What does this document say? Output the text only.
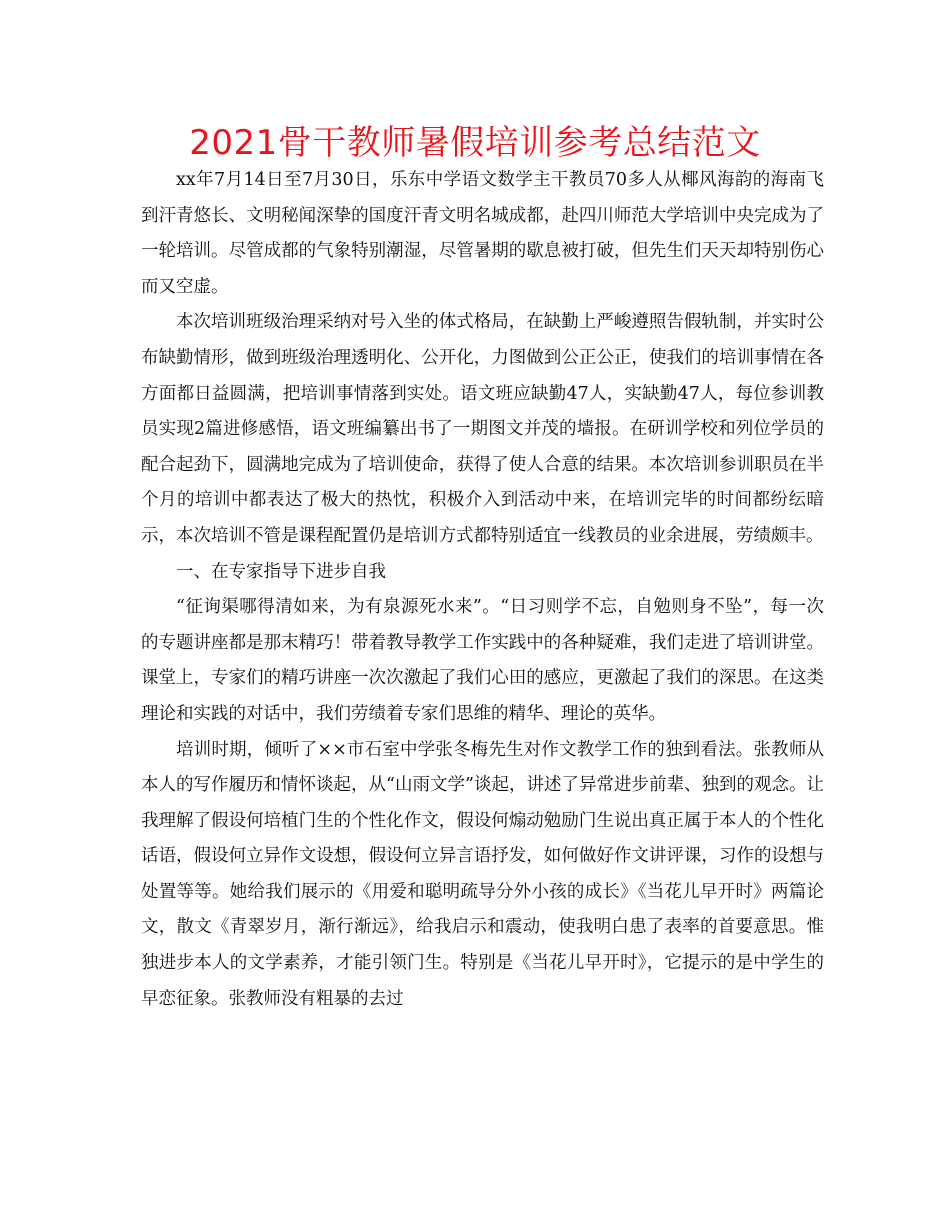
2021骨干教师暑假培训参考总结范文

xx年7月14日至7月30日，乐东中学语文数学主干教员70多人从椰风海韵的海南飞到汗青悠长、文明秘闻深挚的国度汗青文明名城成都，赴四川师范大学培训中央完成为了一轮培训。尽管成都的气象特别潮湿，尽管暑期的歇息被打破，但先生们天天却特别伤心而又空虚。

本次培训班级治理采纳对号入坐的体式格局，在缺勤上严峻遵照告假轨制，并实时公布缺勤情形，做到班级治理透明化、公开化，力图做到公正公正，使我们的培训事情在各方面都日益圆满，把培训事情落到实处。语文班应缺勤47人，实缺勤47人，每位参训教员实现2篇进修感悟，语文班编纂出书了一期图文并茂的墙报。在研训学校和列位学员的配合起劲下，圆满地完成为了培训使命，获得了使人合意的结果。本次培训参训职员在半个月的培训中都表达了极大的热忱，积极介入到活动中来，在培训完毕的时间都纷纭暗示，本次培训不管是课程配置仍是培训方式都特别适宜一线教员的业余进展，劳绩颇丰。

一、在专家指导下进步自我

“征询渠哪得清如来，为有泉源死水来”。“日习则学不忘，自勉则身不坠”，每一次的专题讲座都是那末精巧！带着教导教学工作实践中的各种疑难，我们走进了培训讲堂。课堂上，专家们的精巧讲座一次次激起了我们心田的感应，更激起了我们的深思。在这类理论和实践的对话中，我们劳绩着专家们思维的精华、理论的英华。

培训时期，倾听了××市石室中学张冬梅先生对作文教学工作的独到看法。张教师从本人的写作履历和情怀谈起，从“山雨文学”谈起，讲述了异常进步前辈、独到的观念。让我理解了假设何培植门生的个性化作文，假设何煽动勉励门生说出真正属于本人的个性化话语，假设何立异作文设想，假设何立异言语抒发，如何做好作文讲评课，习作的设想与处置等等。她给我们展示的《用爱和聪明疏导分外小孩的成长》《当花儿早开时》两篇论文，散文《青翠岁月，渐行渐远》，给我启示和震动，使我明白患了表率的首要意思。惟独进步本人的文学素养，才能引领门生。特别是《当花儿早开时》，它提示的是中学生的早恋征象。张教师没有粗暴的去过
